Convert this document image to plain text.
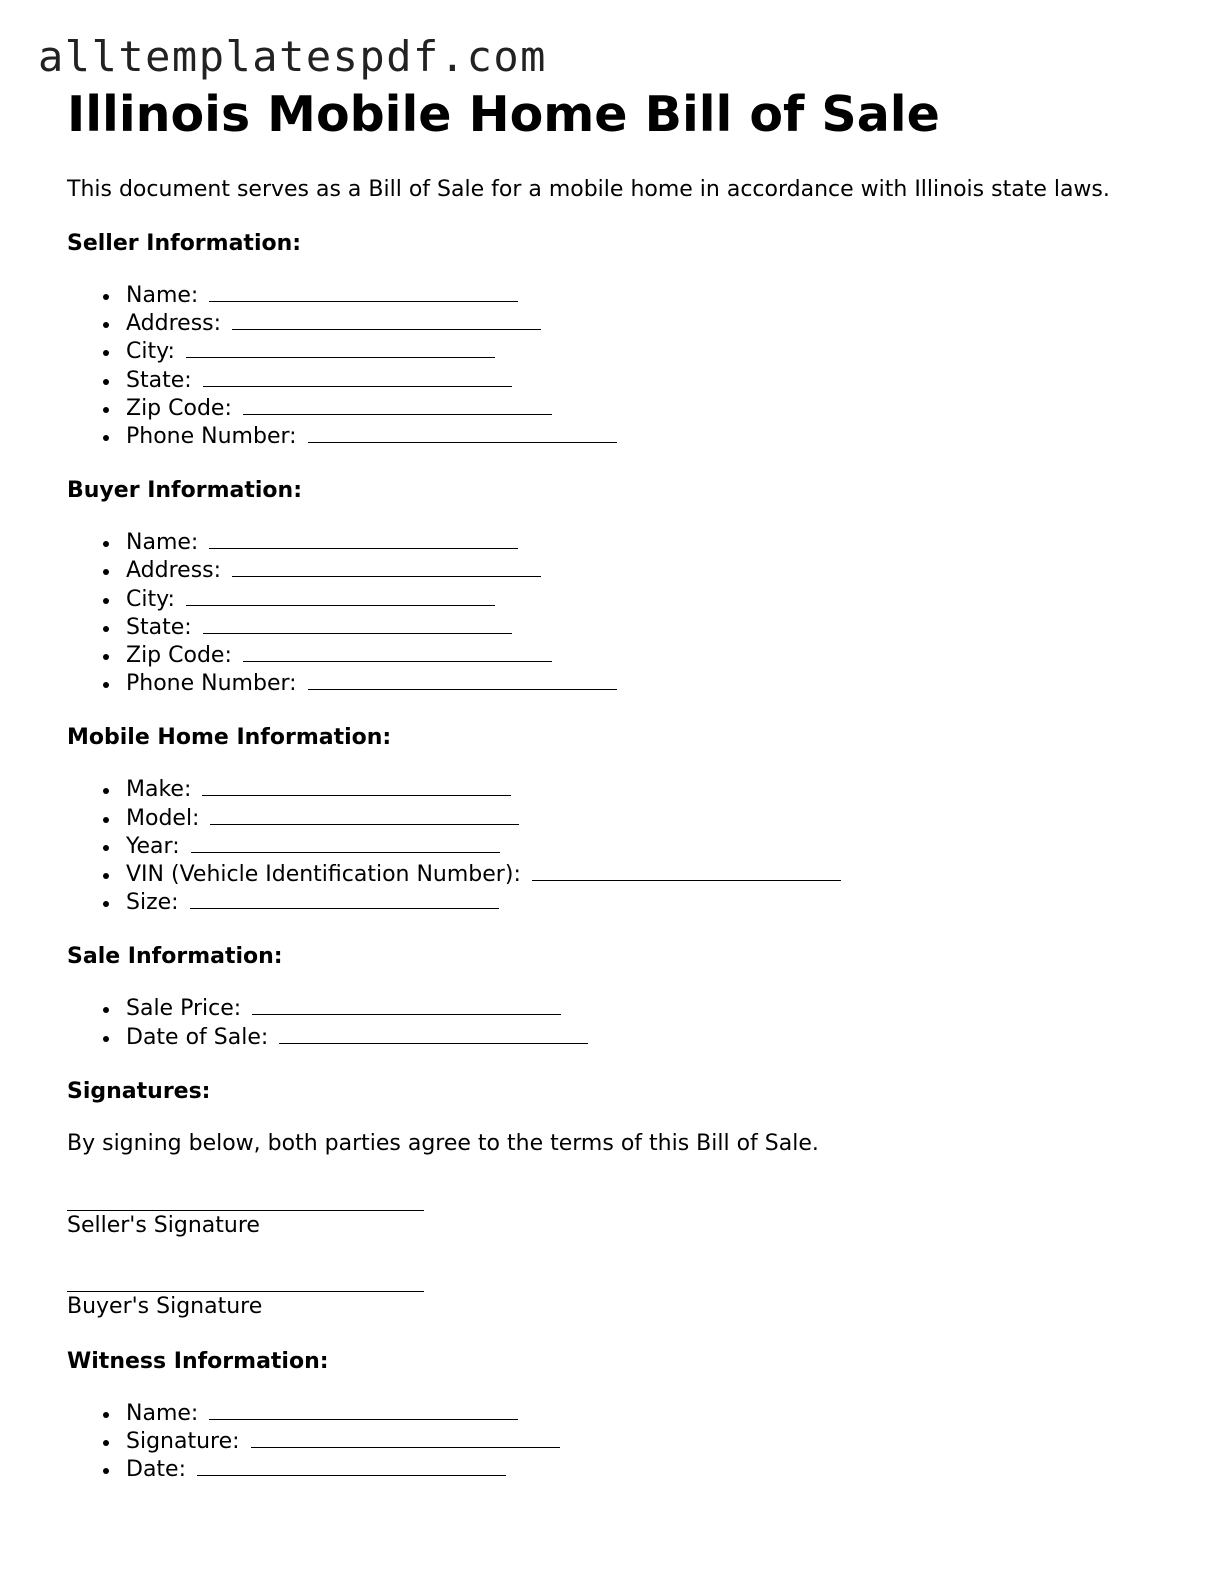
alltemplatespdf.com
Illinois Mobile Home Bill of Sale

This document serves as a Bill of Sale for a mobile home in accordance with Illinois state laws.

Seller Information:
Name:
Address:
City:
State:
Zip Code:
Phone Number:
Buyer Information:
Name:
Address:
City:
State:
Zip Code:
Phone Number:
Mobile Home Information:
Make:
Model:
Year:
VIN (Vehicle Identification Number):
Size:
Sale Information:
Sale Price:
Date of Sale:
Signatures:

By signing below, both parties agree to the terms of this Bill of Sale.

Seller's Signature
Buyer's Signature
Witness Information:
Name:
Signature:
Date:
